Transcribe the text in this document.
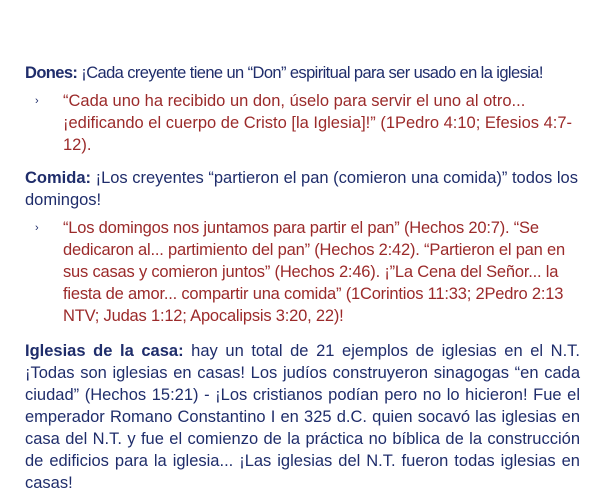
Dones: ¡Cada creyente tiene un “Don” espiritual para ser usado en la iglesia!
› “Cada uno ha recibido un don, úselo para servir el uno al otro... ¡edificando el cuerpo de Cristo [la Iglesia]!” (1Pedro 4:10; Efesios 4:7-12).
Comida: ¡Los creyentes “partieron el pan (comieron una comida)” todos los domingos!
› “Los domingos nos juntamos para partir el pan” (Hechos 20:7). “Se dedicaron al... partimiento del pan” (Hechos 2:42). “Partieron el pan en sus casas y comieron juntos” (Hechos 2:46). ¡”La Cena del Señor... la fiesta de amor... compartir una comida” (1Corintios 11:33; 2Pedro 2:13 NTV; Judas 1:12; Apocalipsis 3:20, 22)!
Iglesias de la casa: hay un total de 21 ejemplos de iglesias en el N.T. ¡Todas son iglesias en casas! Los judíos construyeron sinagogas “en cada ciudad” (Hechos 15:21) - ¡Los cristianos podían pero no lo hicieron! Fue el emperador Romano Constantino I en 325 d.C. quien socavó las iglesias en casa del N.T. y fue el comienzo de la práctica no bíblica de la construcción de edificios para la iglesia... ¡Las iglesias del N.T. fueron todas iglesias en casas!
